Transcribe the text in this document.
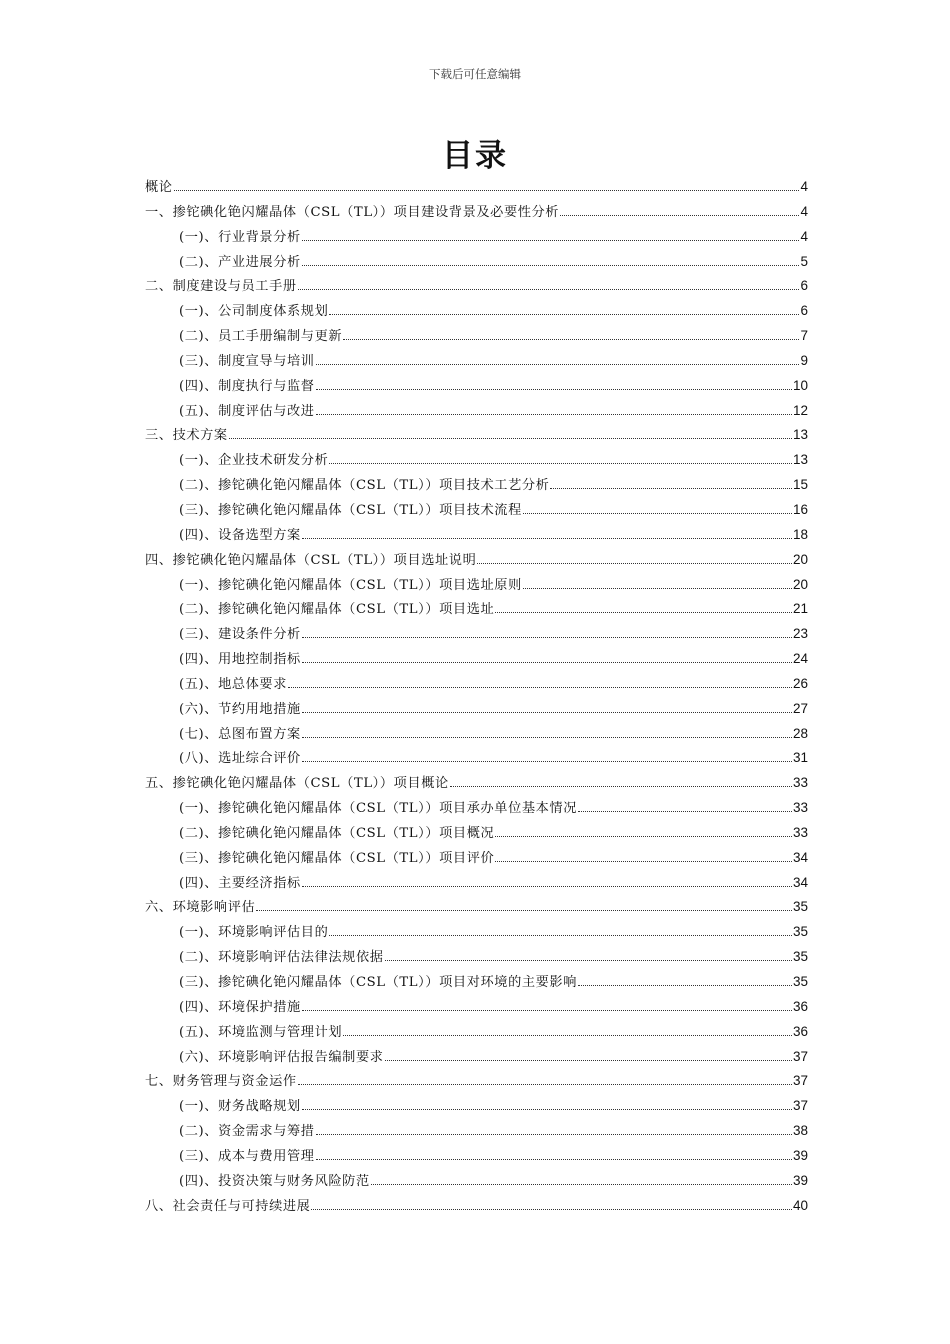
下载后可任意编辑
目录
概论	4
一、掺铊碘化铯闪耀晶体（CSL（TL））项目建设背景及必要性分析	4
(一)、行业背景分析	4
(二)、产业进展分析	5
二、制度建设与员工手册	6
(一)、公司制度体系规划	6
(二)、员工手册编制与更新	7
(三)、制度宣导与培训	9
(四)、制度执行与监督	10
(五)、制度评估与改进	12
三、技术方案	13
(一)、企业技术研发分析	13
(二)、掺铊碘化铯闪耀晶体（CSL（TL））项目技术工艺分析	15
(三)、掺铊碘化铯闪耀晶体（CSL（TL））项目技术流程	16
(四)、设备选型方案	18
四、掺铊碘化铯闪耀晶体（CSL（TL））项目选址说明	20
(一)、掺铊碘化铯闪耀晶体（CSL（TL））项目选址原则	20
(二)、掺铊碘化铯闪耀晶体（CSL（TL））项目选址	21
(三)、建设条件分析	23
(四)、用地控制指标	24
(五)、地总体要求	26
(六)、节约用地措施	27
(七)、总图布置方案	28
(八)、选址综合评价	31
五、掺铊碘化铯闪耀晶体（CSL（TL））项目概论	33
(一)、掺铊碘化铯闪耀晶体（CSL（TL））项目承办单位基本情况	33
(二)、掺铊碘化铯闪耀晶体（CSL（TL））项目概况	33
(三)、掺铊碘化铯闪耀晶体（CSL（TL））项目评价	34
(四)、主要经济指标	34
六、环境影响评估	35
(一)、环境影响评估目的	35
(二)、环境影响评估法律法规依据	35
(三)、掺铊碘化铯闪耀晶体（CSL（TL））项目对环境的主要影响	35
(四)、环境保护措施	36
(五)、环境监测与管理计划	36
(六)、环境影响评估报告编制要求	37
七、财务管理与资金运作	37
(一)、财务战略规划	37
(二)、资金需求与筹措	38
(三)、成本与费用管理	39
(四)、投资决策与财务风险防范	39
八、社会责任与可持续进展	40
